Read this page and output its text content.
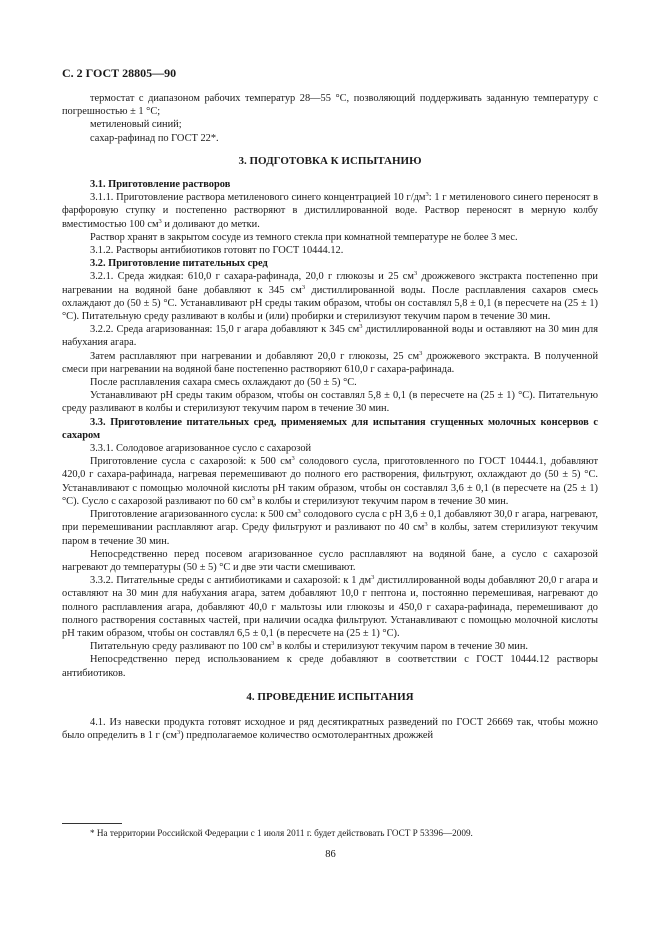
С. 2 ГОСТ 28805—90

термостат с диапазоном рабочих температур 28—55 °С, позволяющий поддерживать заданную температуру с погрешностью ± 1 °С;

метиленовый синий;

сахар-рафинад по ГОСТ 22*.

3. ПОДГОТОВКА К ИСПЫТАНИЮ

3.1. Приготовление растворов

3.1.1. Приготовление раствора метиленового синего концентрацией 10 $г/дм^3$: 1 г метиленового синего переносят в фарфоровую ступку и постепенно растворяют в дистиллированной воде. Раствор переносят в мерную колбу вместимостью 100 $см^3$ и доливают до метки.

Раствор хранят в закрытом сосуде из темного стекла при комнатной температуре не более 3 мес.

3.1.2. Растворы антибиотиков готовят по ГОСТ 10444.12.

3.2. Приготовление питательных сред

3.2.1. Среда жидкая: 610,0 г сахара-рафинада, 20,0 г глюкозы и 25 $см^3$ дрожжевого экстракта постепенно при нагревании на водяной бане добавляют к 345 $см^3$ дистиллированной воды. После расплавления сахаров смесь охлаждают до (50 ± 5) °С. Устанавливают pH среды таким образом, чтобы он составлял 5,8 ± 0,1 (в пересчете на (25 ± 1) °С). Питательную среду разливают в колбы и (или) пробирки и стерилизуют текучим паром в течение 30 мин.

3.2.2. Среда агаризованная: 15,0 г агара добавляют к 345 $см^3$ дистиллированной воды и оставляют на 30 мин для набухания агара.

Затем расплавляют при нагревании и добавляют 20,0 г глюкозы, 25 $см^3$ дрожжевого экстракта. В полученной смеси при нагревании на водяной бане постепенно растворяют 610,0 г сахара-рафинада.

После расплавления сахара смесь охлаждают до (50 ± 5) °С.

Устанавливают pH среды таким образом, чтобы он составлял 5,8 ± 0,1 (в пересчете на (25 ± 1) °С). Питательную среду разливают в колбы и стерилизуют текучим паром в течение 30 мин.

3.3. Приготовление питательных сред, применяемых для испытания сгущенных молочных консервов с сахаром

3.3.1. Солодовое агаризованное сусло с сахарозой

Приготовление сусла с сахарозой: к 500 $см^3$ солодового сусла, приготовленного по ГОСТ 10444.1, добавляют 420,0 г сахара-рафинада, нагревая перемешивают до полного его растворения, фильтруют, охлаждают до (50 ± 5) °С. Устанавливают с помощью молочной кислоты pH таким образом, чтобы он составлял 3,6 ± 0,1 (в пересчете на (25 ± 1) °С). Сусло с сахарозой разливают по 60 $см^3$ в колбы и стерилизуют текучим паром в течение 30 мин.

Приготовление агаризованного сусла: к 500 $см^3$ солодового сусла с pH 3,6 ± 0,1 добавляют 30,0 г агара, нагревают, при перемешивании расплавляют агар. Среду фильтруют и разливают по 40 $см^3$ в колбы, затем стерилизуют текучим паром в течение 30 мин.

Непосредственно перед посевом агаризованное сусло расплавляют на водяной бане, а сусло с сахарозой нагревают до температуры (50 ± 5) °С и две эти части смешивают.

3.3.2. Питательные среды с антибиотиками и сахарозой: к 1 $дм^3$ дистиллированной воды добавляют 20,0 г агара и оставляют на 30 мин для набухания агара, затем добавляют 10,0 г пептона и, постоянно перемешивая, нагревают до полного расплавления агара, добавляют 40,0 г мальтозы или глюкозы и 450,0 г сахара-рафинада, перемешивают до полного растворения составных частей, при наличии осадка фильтруют. Устанавливают с помощью молочной кислоты pH таким образом, чтобы он составлял 6,5 ± 0,1 (в пересчете на (25 ± 1) °С).

Питательную среду разливают по 100 $см^3$ в колбы и стерилизуют текучим паром в течение 30 мин.

Непосредственно перед использованием к среде добавляют в соответствии с ГОСТ 10444.12 растворы антибиотиков.

4. ПРОВЕДЕНИЕ ИСПЫТАНИЯ

4.1. Из навески продукта готовят исходное и ряд десятикратных разведений по ГОСТ 26669 так, чтобы можно было определить в 1 г $(см^3)$ предполагаемое количество осмотолерантных дрожжей

* На территории Российской Федерации с 1 июля 2011 г. будет действовать ГОСТ Р 53396—2009.
86
